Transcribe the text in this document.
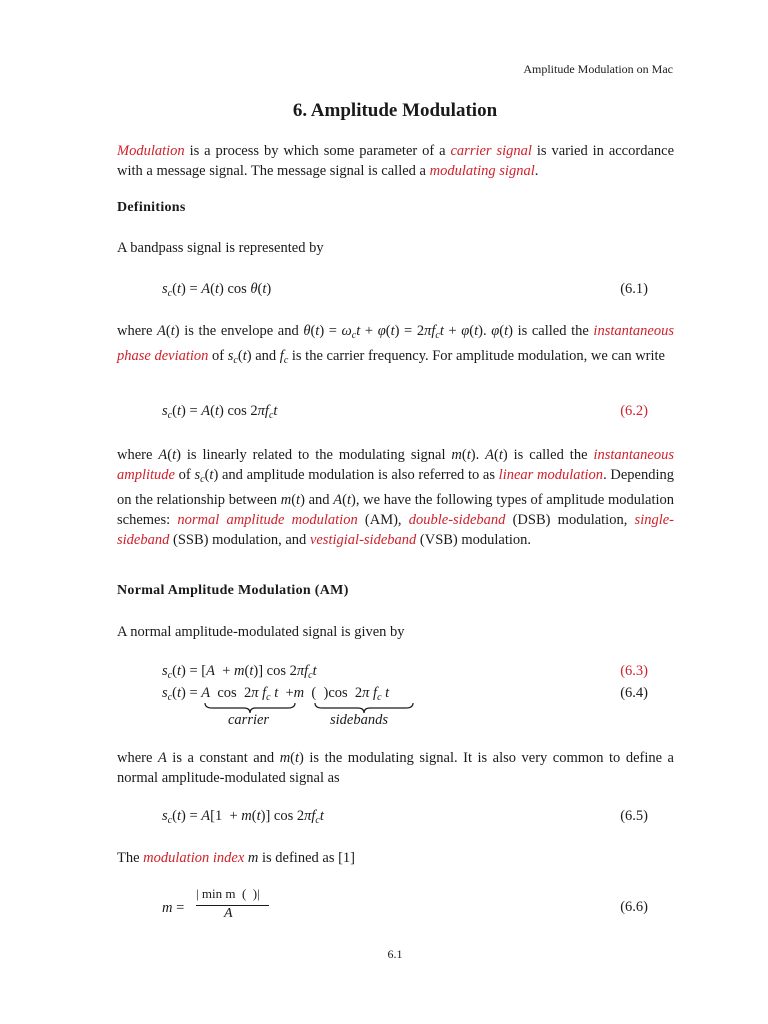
Amplitude Modulation on Mac
6. Amplitude Modulation
Modulation is a process by which some parameter of a carrier signal is varied in accordance with a message signal. The message signal is called a modulating signal.
Definitions
A bandpass signal is represented by
$s_c(t) = A(t)$ cos θ(t)	(6.1)
where A(t) is the envelope and $\theta(t) = \omega_ct + \varphi(t) = 2\pi f_ct + \varphi(t)$. φ(t) is called the instantaneous phase deviation of $s_c(t)$ and $f_c$ is the carrier frequency. For amplitude modulation, we can write
$s_c(t) = A(t)$ $\cos 2\pi f_ct$	(6.2)
where A(t) is linearly related to the modulating signal m(t). A(t) is called the instantaneous amplitude of $s_c(t)$ and amplitude modulation is also referred to as linear modulation. Depending on the relationship between m(t) and A(t), we have the following types of amplitude modulation schemes: normal amplitude modulation (AM), double-sideband (DSB) modulation, single-sideband (SSB) modulation, and vestigial-sideband (VSB) modulation.
Normal Amplitude Modulation (AM)
A normal amplitude-modulated signal is given by
$s_c(t) = [A + m(t)]$ $\cos 2\pi f_ct$	(6.3)
$s_c(t) = A$  cos  2π $f_c$ t  +m  (  )cos  2π $f_c$ t	(6.4)
carrier	sidebands
where A is a constant and m(t) is the modulating signal. It is also very common to define a normal amplitude-modulated signal as
$s_c(t) = A[1 + m(t)]$ $\cos 2\pi f_ct$	(6.5)
The modulation index m is defined as [1]
m =
| min m  (  )|
A	(6.6)
6.1
